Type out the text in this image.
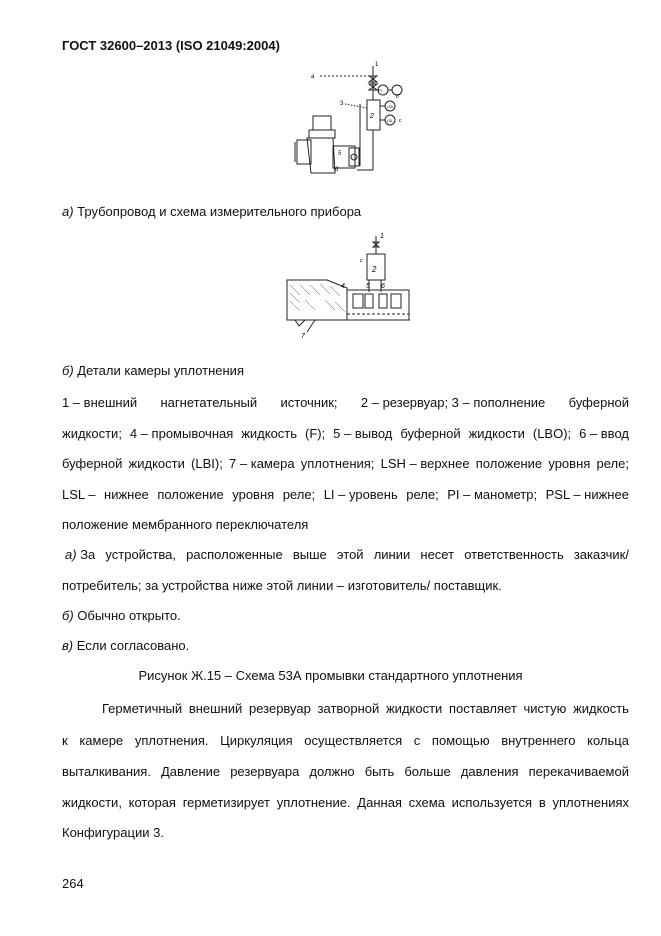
ГОСТ 32600–2013 (ISO 21049:2004)
a
1
3
2
b
c
PI
LSH
LSL
5
6
а) Трубопровод и схема измерительного прибора
1
c
2
4	5 6
7
б) Детали камеры уплотнения
1 – внешний нагнетательный источник; 2 – резервуар; 3 – пополнение буферной
жидкости; 4 – промывочная жидкость (F); 5 – вывод буферной жидкости (LBO); 6 – ввод
буферной жидкости (LBI); 7 – камера уплотнения; LSH – верхнее положение уровня реле;
LSL – нижнее положение уровня реле; LI – уровень реле; PI – манометр; PSL – нижнее
положение мембранного переключателя
а) За устройства, расположенные выше этой линии несет ответственность заказчик/
потребитель; за устройства ниже этой линии – изготовитель/ поставщик.
б) Обычно открыто.
в) Если согласовано.
Рисунок Ж.15 – Схема 53А промывки стандартного уплотнения
Герметичный внешний резервуар затворной жидкости поставляет чистую жидкость
к камере уплотнения. Циркуляция осуществляется с помощью внутреннего кольца
выталкивания. Давление резервуара должно быть больше давления перекачиваемой
жидкости, которая герметизирует уплотнение. Данная схема используется в уплотнениях
Конфигурации 3.
264
